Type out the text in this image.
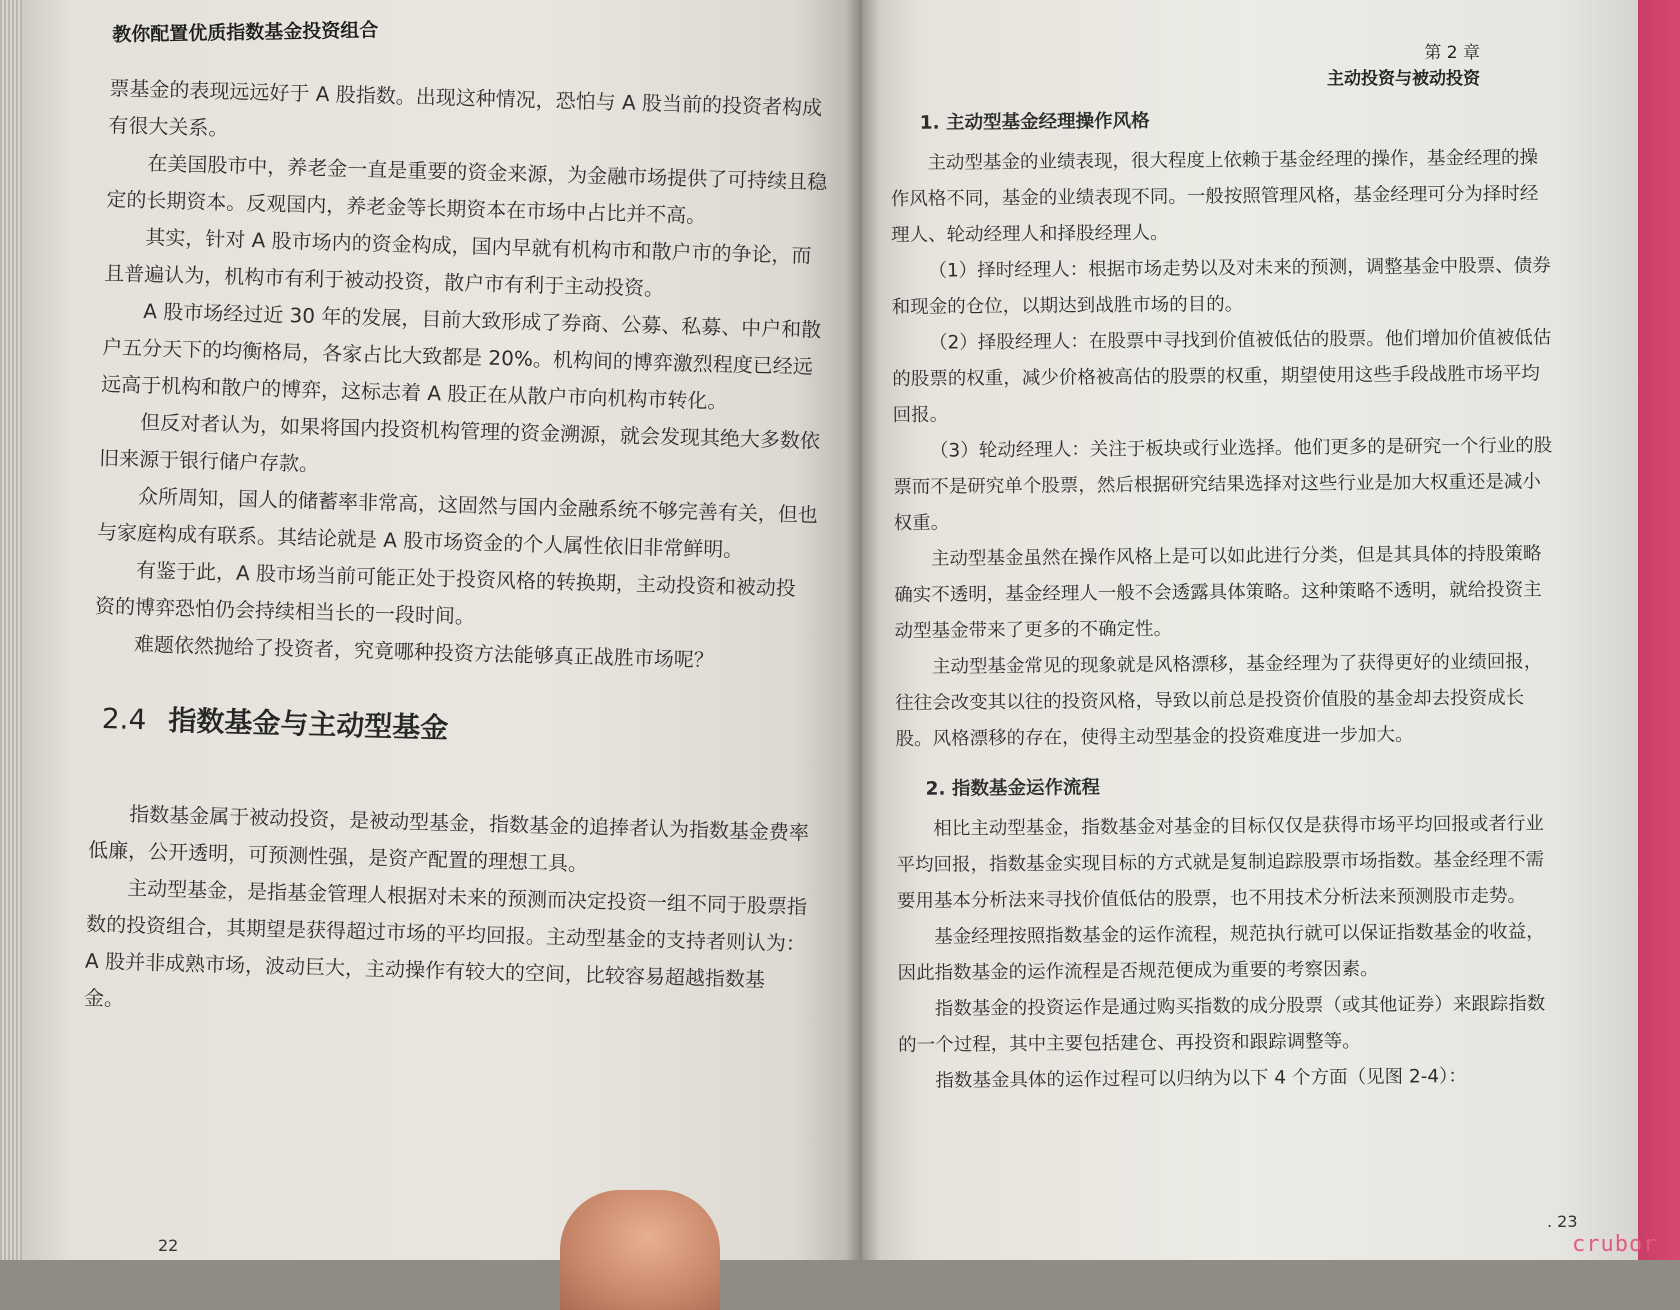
教你配置优质指数基金投资组合

票基金的表现远远好于 A 股指数。出现这种情况，恐怕与 A 股当前的投资者构成有很大关系。

在美国股市中，养老金一直是重要的资金来源，为金融市场提供了可持续且稳定的长期资本。反观国内，养老金等长期资本在市场中占比并不高。

其实，针对 A 股市场内的资金构成，国内早就有机构市和散户市的争论，而且普遍认为，机构市有利于被动投资，散户市有利于主动投资。

A 股市场经过近 30 年的发展，目前大致形成了券商、公募、私募、中户和散户五分天下的均衡格局，各家占比大致都是 20%。机构间的博弈激烈程度已经远远高于机构和散户的博弈，这标志着 A 股正在从散户市向机构市转化。

但反对者认为，如果将国内投资机构管理的资金溯源，就会发现其绝大多数依旧来源于银行储户存款。

众所周知，国人的储蓄率非常高，这固然与国内金融系统不够完善有关，但也与家庭构成有联系。其结论就是 A 股市场资金的个人属性依旧非常鲜明。

有鉴于此，A 股市场当前可能正处于投资风格的转换期，主动投资和被动投资的博弈恐怕仍会持续相当长的一段时间。

难题依然抛给了投资者，究竟哪种投资方法能够真正战胜市场呢？

2.4 指数基金与主动型基金

指数基金属于被动投资，是被动型基金，指数基金的追捧者认为指数基金费率低廉，公开透明，可预测性强，是资产配置的理想工具。

主动型基金，是指基金管理人根据对未来的预测而决定投资一组不同于股票指数的投资组合，其期望是获得超过市场的平均回报。主动型基金的支持者则认为：A 股并非成熟市场，波动巨大，主动操作有较大的空间，比较容易超越指数基金。

22
第 2 章
主动投资与被动投资
1. 主动型基金经理操作风格

主动型基金的业绩表现，很大程度上依赖于基金经理的操作，基金经理的操作风格不同，基金的业绩表现不同。一般按照管理风格，基金经理可分为择时经理人、轮动经理人和择股经理人。

（1）择时经理人：根据市场走势以及对未来的预测，调整基金中股票、债券和现金的仓位，以期达到战胜市场的目的。

（2）择股经理人：在股票中寻找到价值被低估的股票。他们增加价值被低估的股票的权重，减少价格被高估的股票的权重，期望使用这些手段战胜市场平均回报。

（3）轮动经理人：关注于板块或行业选择。他们更多的是研究一个行业的股票而不是研究单个股票，然后根据研究结果选择对这些行业是加大权重还是减小权重。

主动型基金虽然在操作风格上是可以如此进行分类，但是其具体的持股策略确实不透明，基金经理人一般不会透露具体策略。这种策略不透明，就给投资主动型基金带来了更多的不确定性。

主动型基金常见的现象就是风格漂移，基金经理为了获得更好的业绩回报，往往会改变其以往的投资风格，导致以前总是投资价值股的基金却去投资成长股。风格漂移的存在，使得主动型基金的投资难度进一步加大。

2. 指数基金运作流程

相比主动型基金，指数基金对基金的目标仅仅是获得市场平均回报或者行业平均回报，指数基金实现目标的方式就是复制追踪股票市场指数。基金经理不需要用基本分析法来寻找价值低估的股票，也不用技术分析法来预测股市走势。

基金经理按照指数基金的运作流程，规范执行就可以保证指数基金的收益，因此指数基金的运作流程是否规范便成为重要的考察因素。

指数基金的投资运作是通过购买指数的成分股票（或其他证券）来跟踪指数的一个过程，其中主要包括建仓、再投资和跟踪调整等。

指数基金具体的运作过程可以归纳为以下 4 个方面（见图 2-4）：

. 23
crubor
